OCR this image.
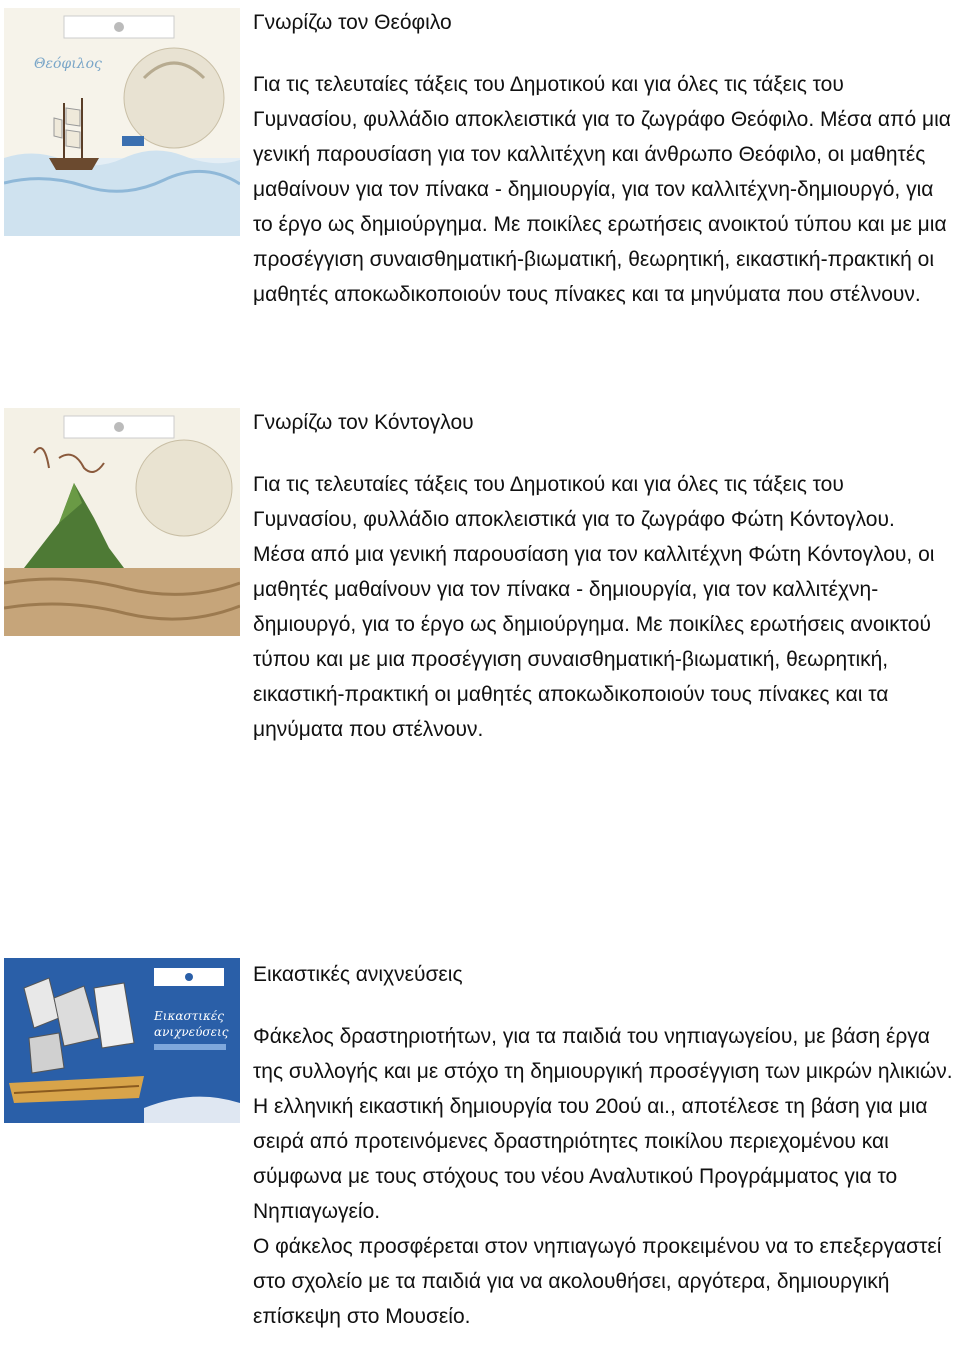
Θεόφιλος
Γνωρίζω τον Θεόφιλο

Για τις τελευταίες τάξεις του Δημοτικού και για όλες τις τάξεις του Γυμνασίου, φυλλάδιο αποκλειστικά για το ζωγράφο Θεόφιλο. Μέσα από μια γενική παρουσίαση για τον καλλιτέχνη και άνθρωπο Θεόφιλο, οι μαθητές μαθαίνουν για τον πίνακα - δημιουργία, για τον καλλιτέχνη-δημιουργό, για το έργο ως δημιούργημα. Με ποικίλες ερωτήσεις ανοικτού τύπου και με μια προσέγγιση συναισθηματική-βιωματική, θεωρητική, εικαστική-πρακτική οι μαθητές αποκωδικοποιούν τους πίνακες και τα μηνύματα που στέλνουν.

Γνωρίζω τον Κόντογλου

Για τις τελευταίες τάξεις του Δημοτικού και για όλες τις τάξεις του Γυμνασίου, φυλλάδιο αποκλειστικά για το ζωγράφο Φώτη Κόντογλου.
Μέσα από μια γενική παρουσίαση για τον καλλιτέχνη Φώτη Κόντογλου, οι μαθητές μαθαίνουν για τον πίνακα - δημιουργία, για τον καλλιτέχνη-δημιουργό, για το έργο ως δημιούργημα. Με ποικίλες ερωτήσεις ανοικτού τύπου και με μια προσέγγιση συναισθηματική-βιωματική, θεωρητική, εικαστική-πρακτική οι μαθητές αποκωδικοποιούν τους πίνακες και τα μηνύματα που στέλνουν.

Εικαστικές
ανιχνεύσεις
Εικαστικές ανιχνεύσεις

Φάκελος δραστηριοτήτων, για τα παιδιά του νηπιαγωγείου, με βάση έργα της συλλογής και με στόχο τη δημιουργική προσέγγιση των μικρών ηλικιών.
Η ελληνική εικαστική δημιουργία του 20ού αι., αποτέλεσε τη βάση για μια σειρά από προτεινόμενες δραστηριότητες ποικίλου περιεχομένου και σύμφωνα με τους στόχους του νέου Αναλυτικού Προγράμματος για το Νηπιαγωγείο.
Ο φάκελος προσφέρεται στον νηπιαγωγό προκειμένου να το επεξεργαστεί στο σχολείο με τα παιδιά για να ακολουθήσει, αργότερα, δημιουργική επίσκεψη στο Μουσείο.
